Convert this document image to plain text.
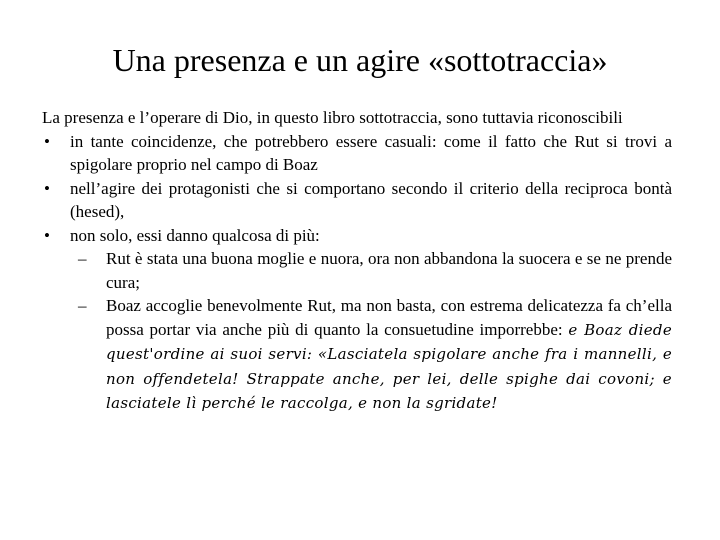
Una presenza e un agire «sottotraccia»

La presenza e l’operare di Dio, in questo libro sottotraccia, sono tuttavia riconoscibili

• in tante coincidenze, che potrebbero essere casuali: come il fatto che Rut si trovi a spigolare proprio nel campo di Boaz
• nell’agire dei protagonisti che si comportano secondo il criterio della reciproca bontà (hesed),
• non solo, essi danno qualcosa di più:
– Rut è stata una buona moglie e nuora, ora non abbandona la suocera e se ne prende cura;
– Boaz accoglie benevolmente Rut, ma non basta, con estrema delicatezza fa ch’ella possa portar via anche più di quanto la consuetudine imporrebbe: e Boaz diede quest'ordine ai suoi servi: «Lasciatela spigolare anche fra i mannelli, e non offendetela! Strappate anche, per lei, delle spighe dai covoni; e lasciatele lì perché le raccolga, e non la sgridate!
